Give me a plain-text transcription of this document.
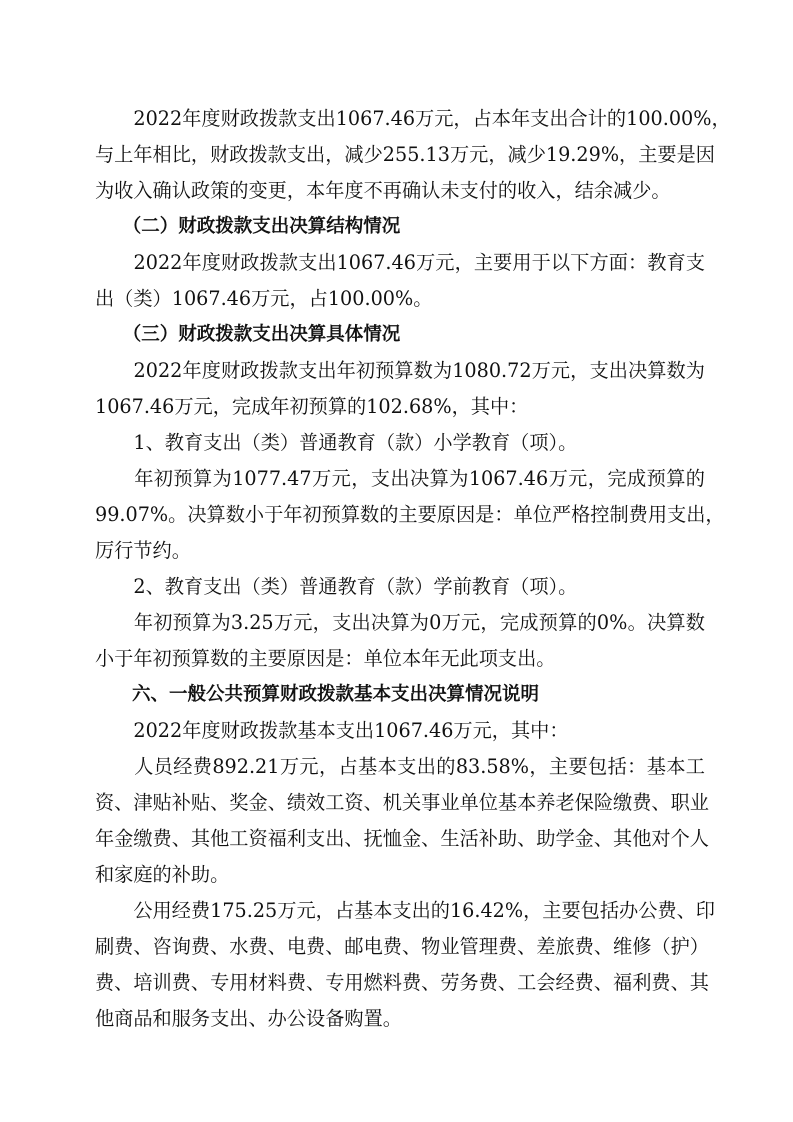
　　2022年度财政拨款支出1067.46万元，占本年支出合计的100.00%，
与上年相比，财政拨款支出，减少255.13万元，减少19.29%，主要是因
为收入确认政策的变更，本年度不再确认未支付的收入，结余减少。
　　（二）财政拨款支出决算结构情况
　　2022年度财政拨款支出1067.46万元，主要用于以下方面：教育支
出（类）1067.46万元，占100.00%。
　　（三）财政拨款支出决算具体情况
　　2022年度财政拨款支出年初预算数为1080.72万元，支出决算数为
1067.46万元，完成年初预算的102.68%，其中：
　　1、教育支出（类）普通教育（款）小学教育（项）。
　　年初预算为1077.47万元，支出决算为1067.46万元，完成预算的
99.07%。决算数小于年初预算数的主要原因是：单位严格控制费用支出，
厉行节约。
　　2、教育支出（类）普通教育（款）学前教育（项）。
　　年初预算为3.25万元，支出决算为0万元，完成预算的0%。决算数
小于年初预算数的主要原因是：单位本年无此项支出。
　　六、一般公共预算财政拨款基本支出决算情况说明
　　2022年度财政拨款基本支出1067.46万元，其中：
　　人员经费892.21万元，占基本支出的83.58%，主要包括：基本工
资、津贴补贴、奖金、绩效工资、机关事业单位基本养老保险缴费、职业
年金缴费、其他工资福利支出、抚恤金、生活补助、助学金、其他对个人
和家庭的补助。
　　公用经费175.25万元，占基本支出的16.42%，主要包括办公费、印
刷费、咨询费、水费、电费、邮电费、物业管理费、差旅费、维修（护）
费、培训费、专用材料费、专用燃料费、劳务费、工会经费、福利费、其
他商品和服务支出、办公设备购置。
